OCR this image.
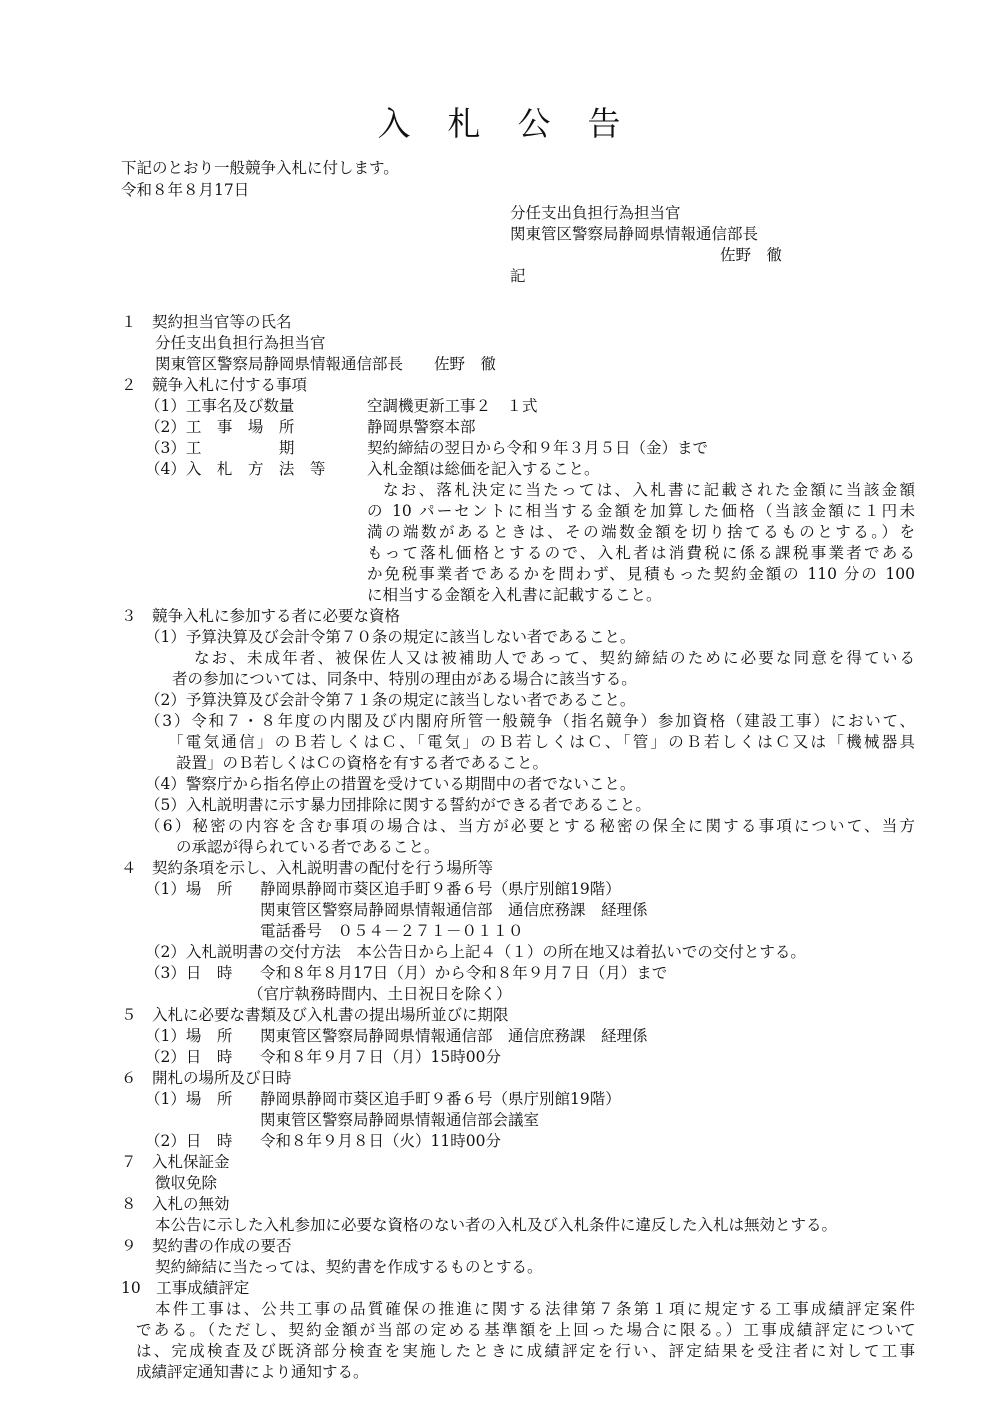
入　札　公　告
下記のとおり一般競争入札に付します。
令和８年８月17日
分任支出負担行為担当官
関東管区警察局静岡県情報通信部長
佐野　徹
記
１　契約担当官等の氏名
分任支出負担行為担当官
関東管区警察局静岡県情報通信部長　　佐野　徹
２　競争入札に付する事項
（1）工事名及び数量	空調機更新工事２　１式
（2）工　事　場　所	静岡県警察本部
（3）工　　　　　期	契約締結の翌日から令和９年３月５日（金）まで
（4）入　札　方　法　等	入札金額は総価を記入すること。
なお、落札決定に当たっては、入札書に記載された金額に当該金額
の 10 パーセントに相当する金額を加算した価格（当該金額に１円未
満の端数があるときは、その端数金額を切り捨てるものとする。）を
もって落札価格とするので、入札者は消費税に係る課税事業者である
か免税事業者であるかを問わず、見積もった契約金額の 110 分の 100
に相当する金額を入札書に記載すること。
３　競争入札に参加する者に必要な資格
（1）予算決算及び会計令第７０条の規定に該当しない者であること。
なお、未成年者、被保佐人又は被補助人であって、契約締結のために必要な同意を得ている
者の参加については、同条中、特別の理由がある場合に該当する。
（2）予算決算及び会計令第７１条の規定に該当しない者であること。
（3）令和７・８年度の内閣及び内閣府所管一般競争（指名競争）参加資格（建設工事）において、
「電気通信」のＢ若しくはＣ、「電気」のＢ若しくはＣ、「管」のＢ若しくはＣ又は「機械器具
設置」のＢ若しくはＣの資格を有する者であること。
（4）警察庁から指名停止の措置を受けている期間中の者でないこと。
（5）入札説明書に示す暴力団排除に関する誓約ができる者であること。
（6）秘密の内容を含む事項の場合は、当方が必要とする秘密の保全に関する事項について、当方
の承認が得られている者であること。
４　契約条項を示し、入札説明書の配付を行う場所等
（1）場　所 静岡県静岡市葵区追手町９番６号（県庁別館19階）
関東管区警察局静岡県情報通信部　通信庶務課　経理係
電話番号　０５４－２７１－０１１０
（2）入札説明書の交付方法　本公告日から上記４（１）の所在地又は着払いでの交付とする。
（3）日　時 令和８年８月17日（月）から令和８年９月７日（月）まで
（官庁執務時間内、土日祝日を除く）
５　入札に必要な書類及び入札書の提出場所並びに期限
（1）場　所 関東管区警察局静岡県情報通信部　通信庶務課　経理係
（2）日　時 令和８年９月７日（月）15時00分
６　開札の場所及び日時
（1）場　所 静岡県静岡市葵区追手町９番６号（県庁別館19階）
関東管区警察局静岡県情報通信部会議室
（2）日　時 令和８年９月８日（火）11時00分
７　入札保証金
徴収免除
８　入札の無効
本公告に示した入札参加に必要な資格のない者の入札及び入札条件に違反した入札は無効とする。
９　契約書の作成の要否
契約締結に当たっては、契約書を作成するものとする。
10　工事成績評定
本件工事は、公共工事の品質確保の推進に関する法律第７条第１項に規定する工事成績評定案件
である。（ただし、契約金額が当部の定める基準額を上回った場合に限る。）工事成績評定につい て
は、完成検査及び既済部分検査を実施したときに成績評定を行い、評定結果を受注者に対して工事
成績評定通知書により通知する。
